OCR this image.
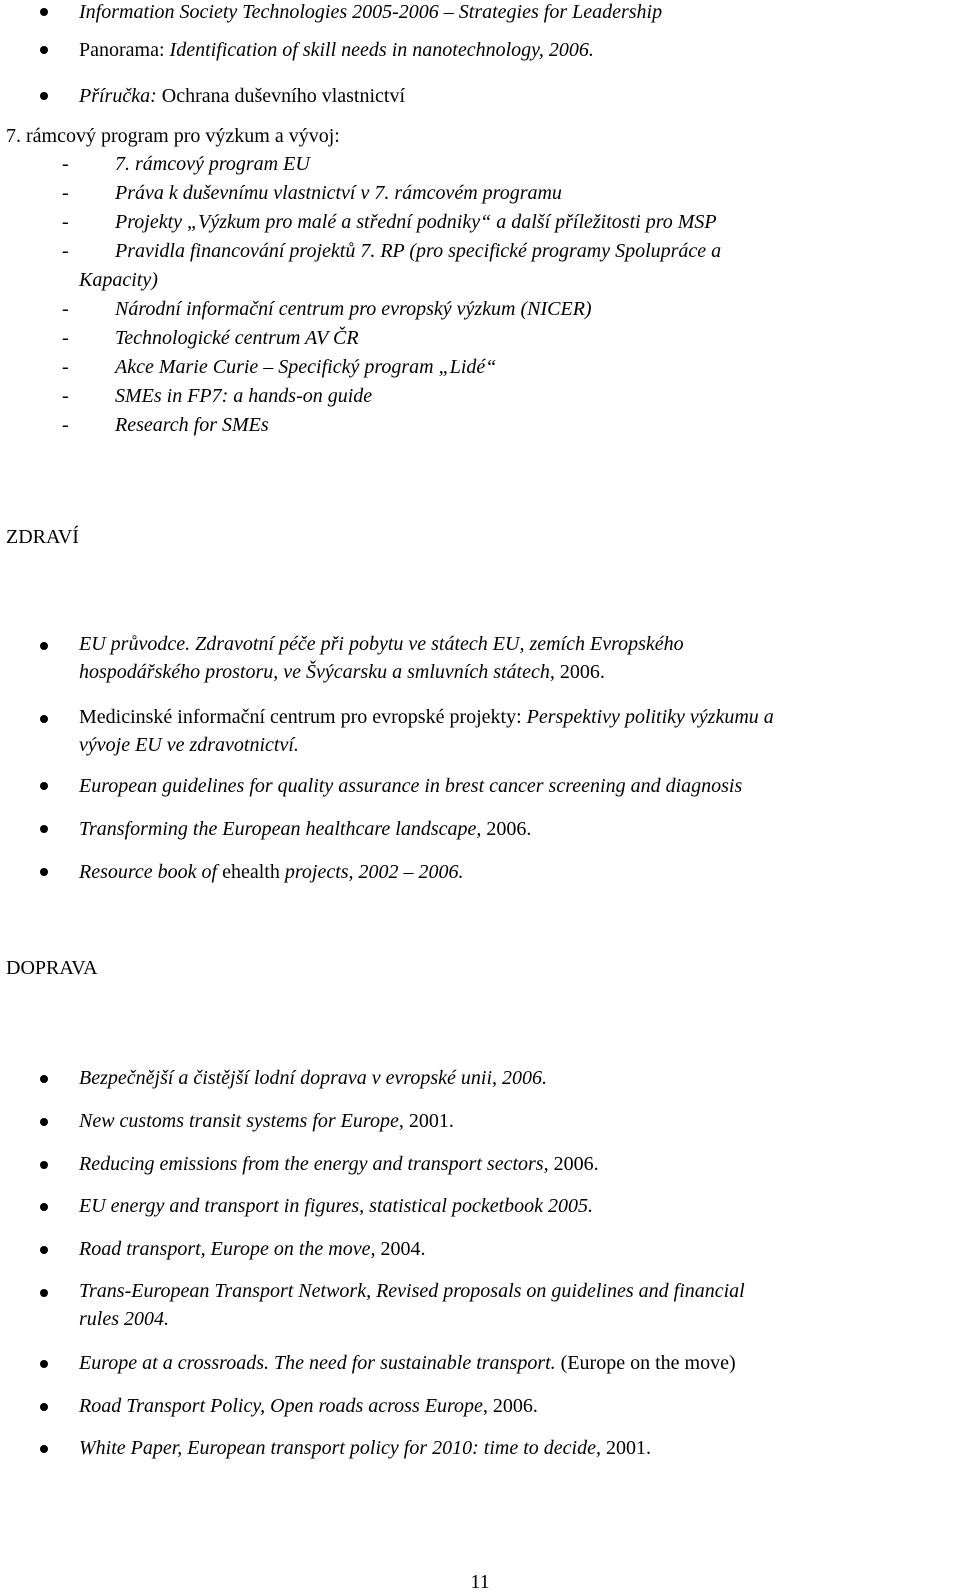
Information Society Technologies 2005-2006 – Strategies for Leadership
Panorama: Identification of skill needs in nanotechnology, 2006.
Příručka: Ochrana duševního vlastnictví
7. rámcový program pro výzkum a vývoj:
- 7. rámcový program EU
- Práva k duševnímu vlastnictví v 7. rámcovém programu
- Projekty „Výzkum pro malé a střední podniky“ a další příležitosti pro MSP
- Pravidla financování projektů 7. RP (pro specifické programy Spolupráce a
Kapacity)
- Národní informační centrum pro evropský výzkum (NICER)
- Technologické centrum AV ČR
- Akce Marie Curie – Specifický program „Lidé“
- SMEs in FP7: a hands-on guide
- Research for SMEs
ZDRAVÍ
EU průvodce. Zdravotní péče při pobytu ve státech EU, zemích Evropského
hospodářského prostoru, ve Švýcarsku a smluvních státech, 2006.
Medicinské informační centrum pro evropské projekty: Perspektivy politiky výzkumu a
vývoje EU ve zdravotnictví.
European guidelines for quality assurance in brest cancer screening and diagnosis
Transforming the European healthcare landscape, 2006.
Resource book of ehealth projects, 2002 – 2006.
DOPRAVA
Bezpečnější a čistější lodní doprava v evropské unii, 2006.
New customs transit systems for Europe, 2001.
Reducing emissions from the energy and transport sectors, 2006.
EU energy and transport in figures, statistical pocketbook 2005.
Road transport, Europe on the move, 2004.
Trans-European Transport Network, Revised proposals on guidelines and financial
rules 2004.
Europe at a crossroads. The need for sustainable transport. (Europe on the move)
Road Transport Policy, Open roads across Europe, 2006.
White Paper, European transport policy for 2010: time to decide, 2001.
11
